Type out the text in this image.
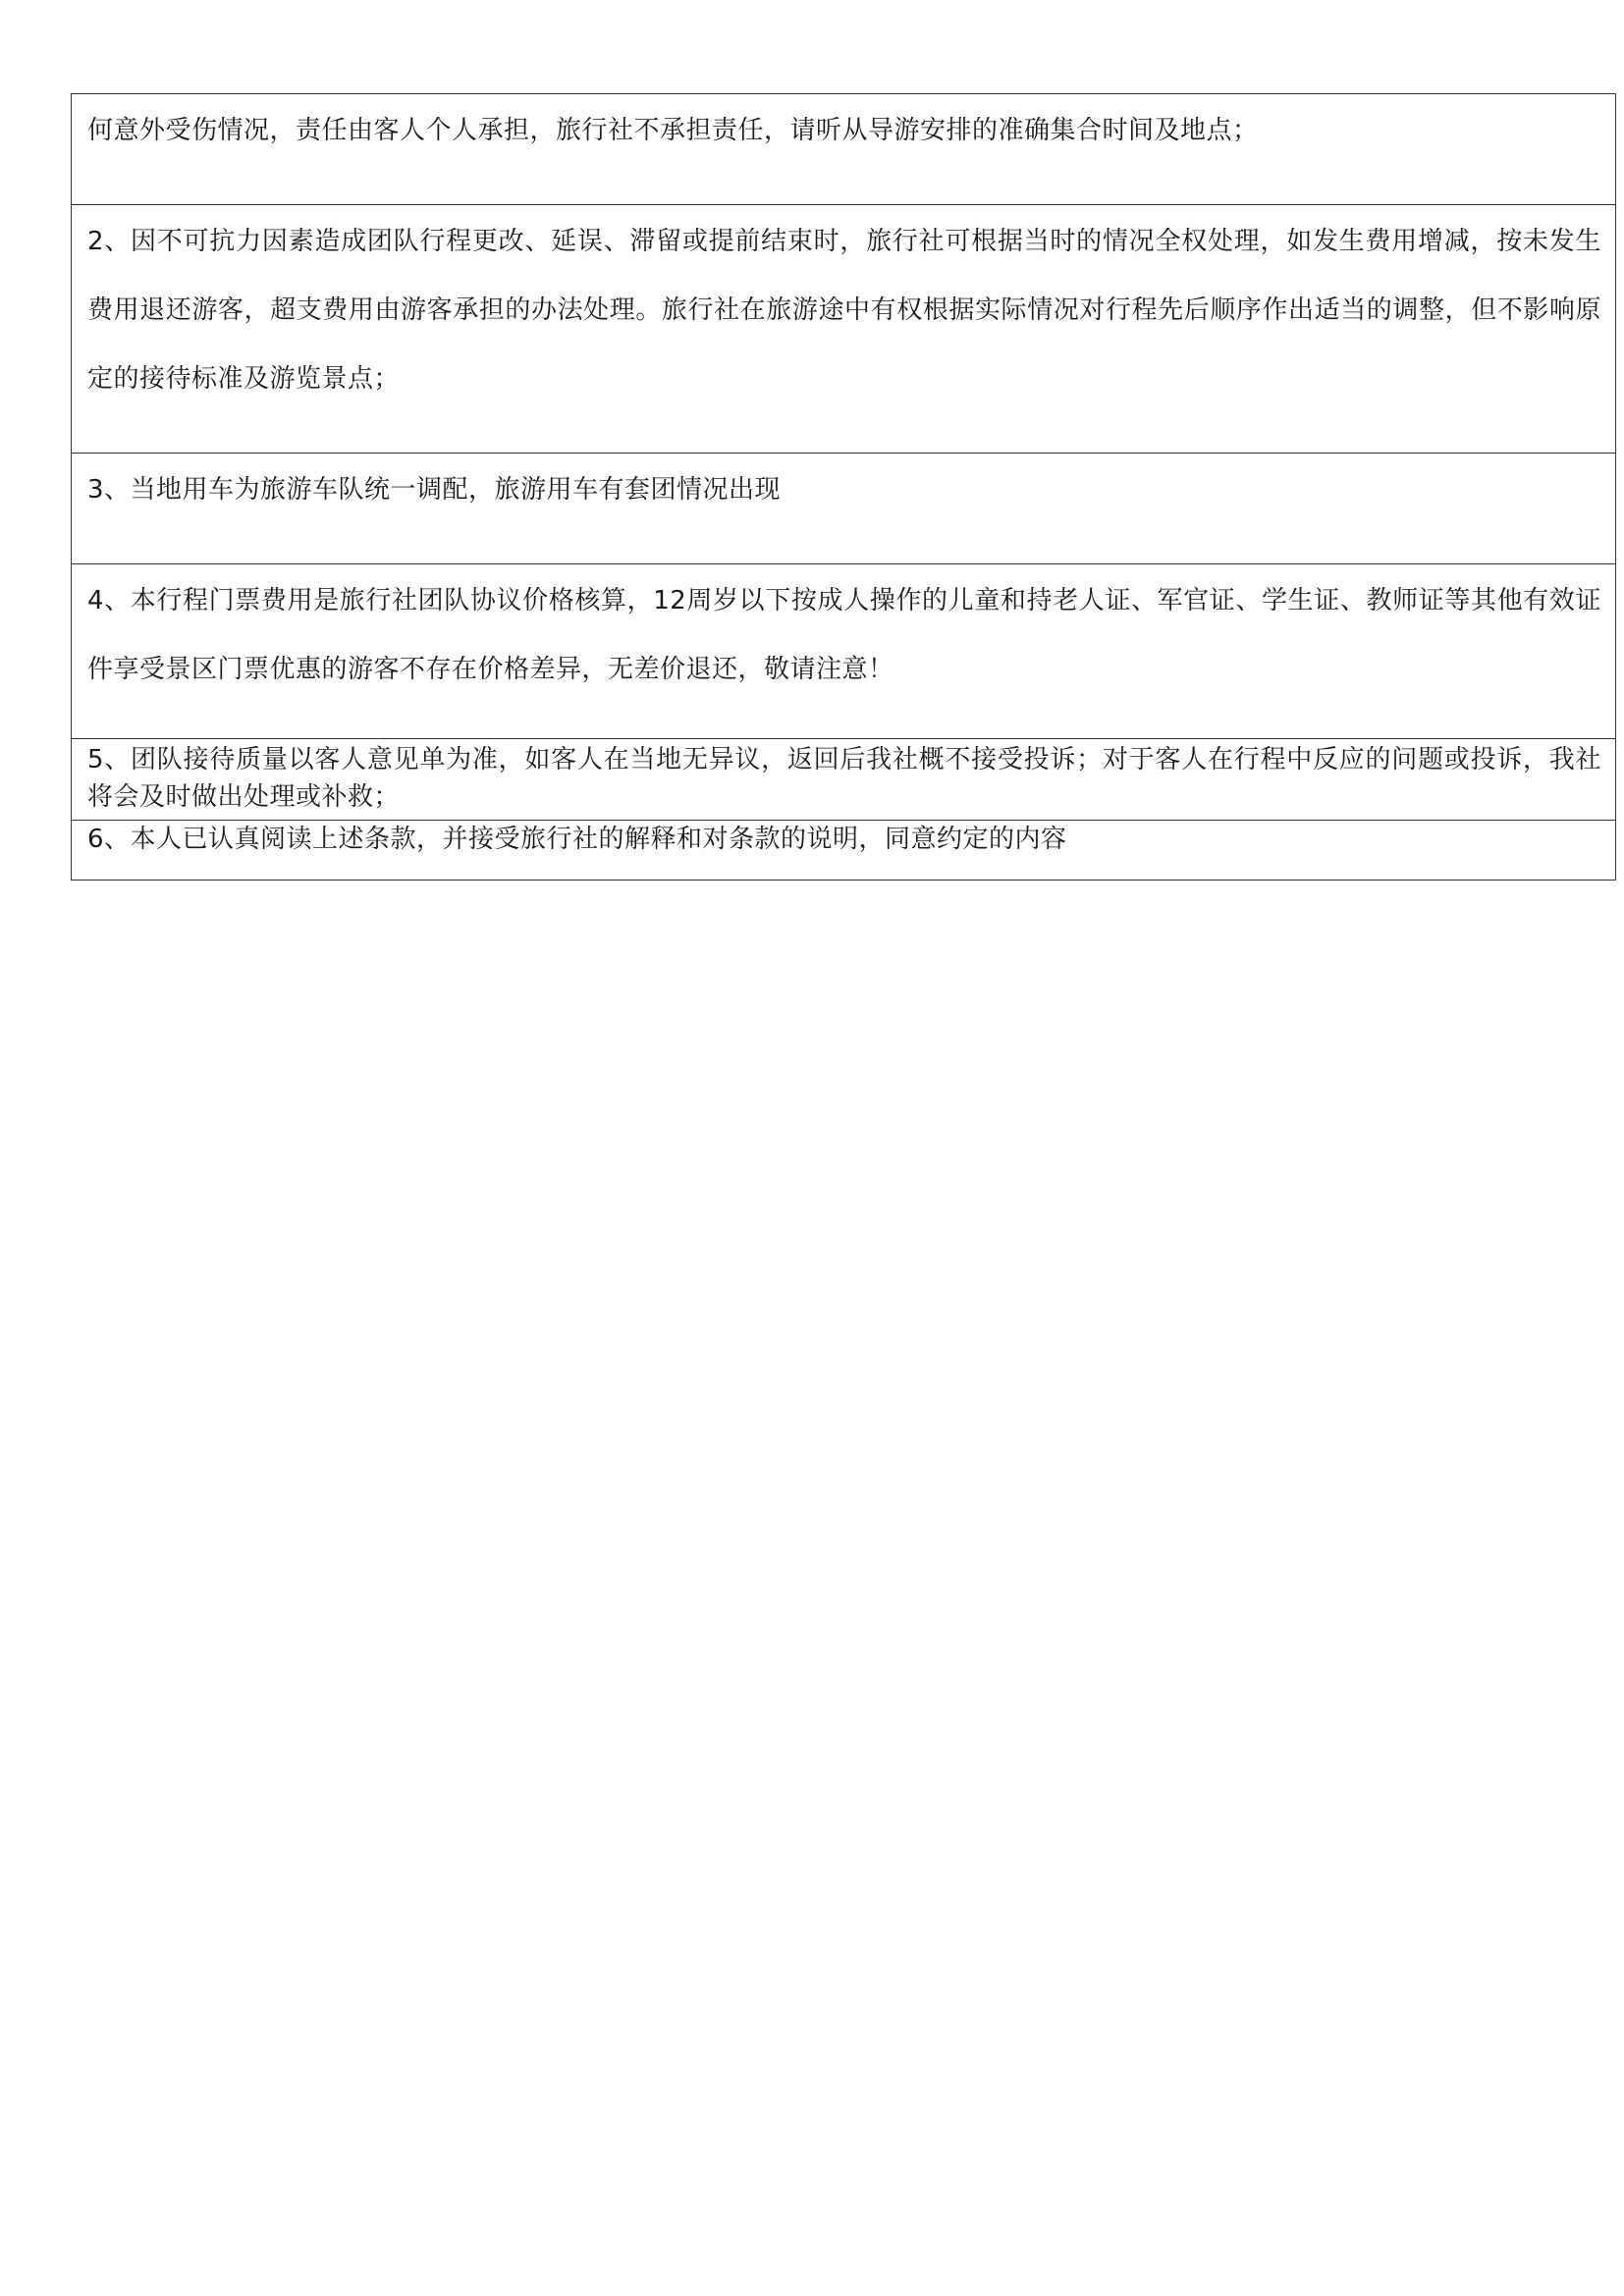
何意外受伤情况，责任由客人个人承担，旅行社不承担责任，请听从导游安排的准确集合时间及地点；
2、因不可抗力因素造成团队行程更改、延误、滞留或提前结束时，旅行社可根据当时的情况全权处理，如发生费用增减，按未发生费用退还游客，超支费用由游客承担的办法处理。旅行社在旅游途中有权根据实际情况对行程先后顺序作出适当的调整，但不影响原定的接待标准及游览景点；
3、当地用车为旅游车队统一调配，旅游用车有套团情况出现
4、本行程门票费用是旅行社团队协议价格核算，12周岁以下按成人操作的儿童和持老人证、军官证、学生证、教师证等其他有效证件享受景区门票优惠的游客不存在价格差异，无差价退还，敬请注意！
5、团队接待质量以客人意见单为准，如客人在当地无异议，返回后我社概不接受投诉；对于客人在行程中反应的问题或投诉，我社将会及时做出处理或补救；
6、本人已认真阅读上述条款，并接受旅行社的解释和对条款的说明，同意约定的内容
